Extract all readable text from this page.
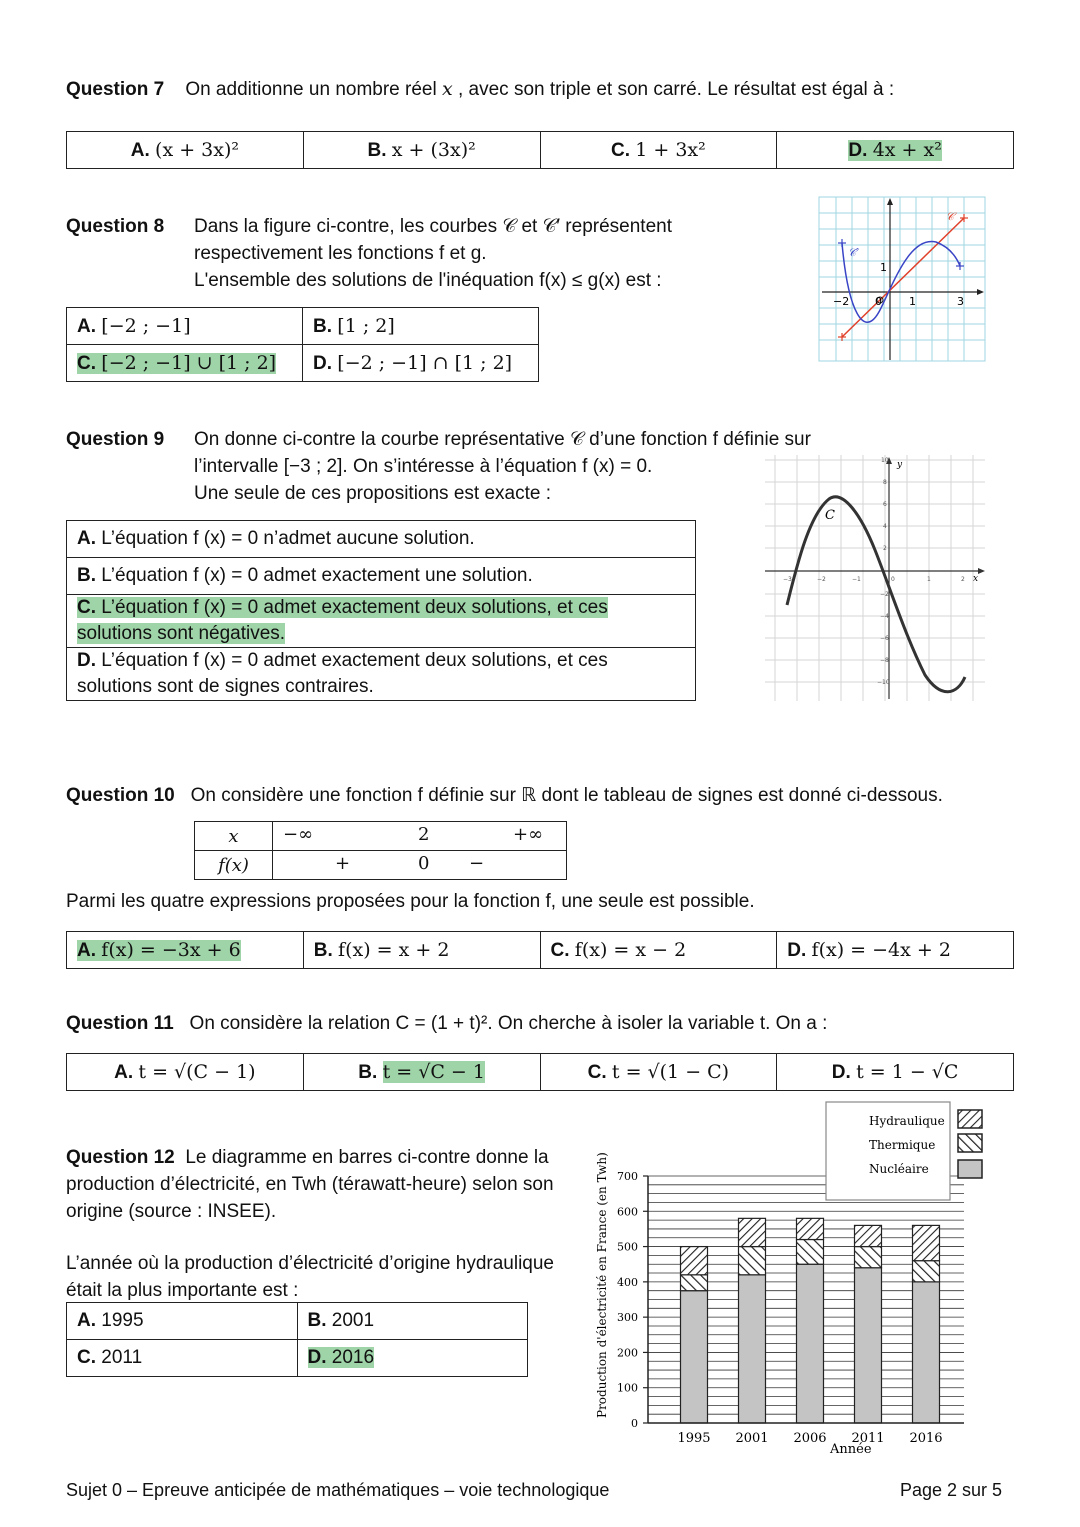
Question 7 On additionne un nombre réel x , avec son triple et son carré. Le résultat est égal à :
A. (x + 3x)²	B. x + (3x)²	C. 1 + 3x²	D. 4x + x²
Question 8 Dans la figure ci-contre, les courbes 𝒞 et 𝒞′ représentent
respectivement les fonctions f et g.
L'ensemble des solutions de l'inéquation f(x) ≤ g(x) est :
A. [−2 ; −1]	B. [1 ; 2]
C. [−2 ; −1] ∪ [1 ; 2]	D. [−2 ; −1] ∩ [1 ; 2]
𝒞
𝒞′
−2 0 1	3
1
Question 9 On donne ci-contre la courbe représentative 𝒞 d’une fonction f définie sur
l’intervalle [−3 ; 2]. On s’intéresse à l’équation f (x) = 0.
Une seule de ces propositions est exacte :
A. L’équation f (x) = 0 n’admet aucune solution.
B. L’équation f (x) = 0 admet exactement une solution.
C. L’équation f (x) = 0 admet exactement deux solutions, et ces solutions sont négatives.
D. L’équation f (x) = 0 admet exactement deux solutions, et ces solutions sont de signes contraires.
C
y
x
−3	−2	−1	0	1	2
10
8
6
4
2
−2
−4
−6
−8
−10
Question 10 On considère une fonction f définie sur ℝ dont le tableau de signes est donné ci-dessous.
x	−∞ 2 +∞

f(x)	+ 0 −
Parmi les quatre expressions proposées pour la fonction f, une seule est possible.
A. f(x) = −3x + 6	B. f(x) = x + 2	C. f(x) = x − 2	D. f(x) = −4x + 2
Question 11 On considère la relation C = (1 + t)². On cherche à isoler la variable t. On a :
A. t = √(C − 1)	B. t = √C − 1	C. t = √(1 − C)	D. t = 1 − √C
Question 12 Le diagramme en barres ci-contre donne la
production d’électricité, en Twh (térawatt-heure) selon son
origine (source : INSEE).
L’année où la production d’électricité d’origine hydraulique
était la plus importante est :
A. 1995	B. 2001
C. 2011	D. 2016
0
100
200
300
400
500
600
700
1995 2001 2006 2011 2016
Production d'électricité en France (en Twh)
Année
Hydraulique
Thermique
Nucléaire
Sujet 0 – Epreuve anticipée de mathématiques – voie technologique	Page 2 sur 5
